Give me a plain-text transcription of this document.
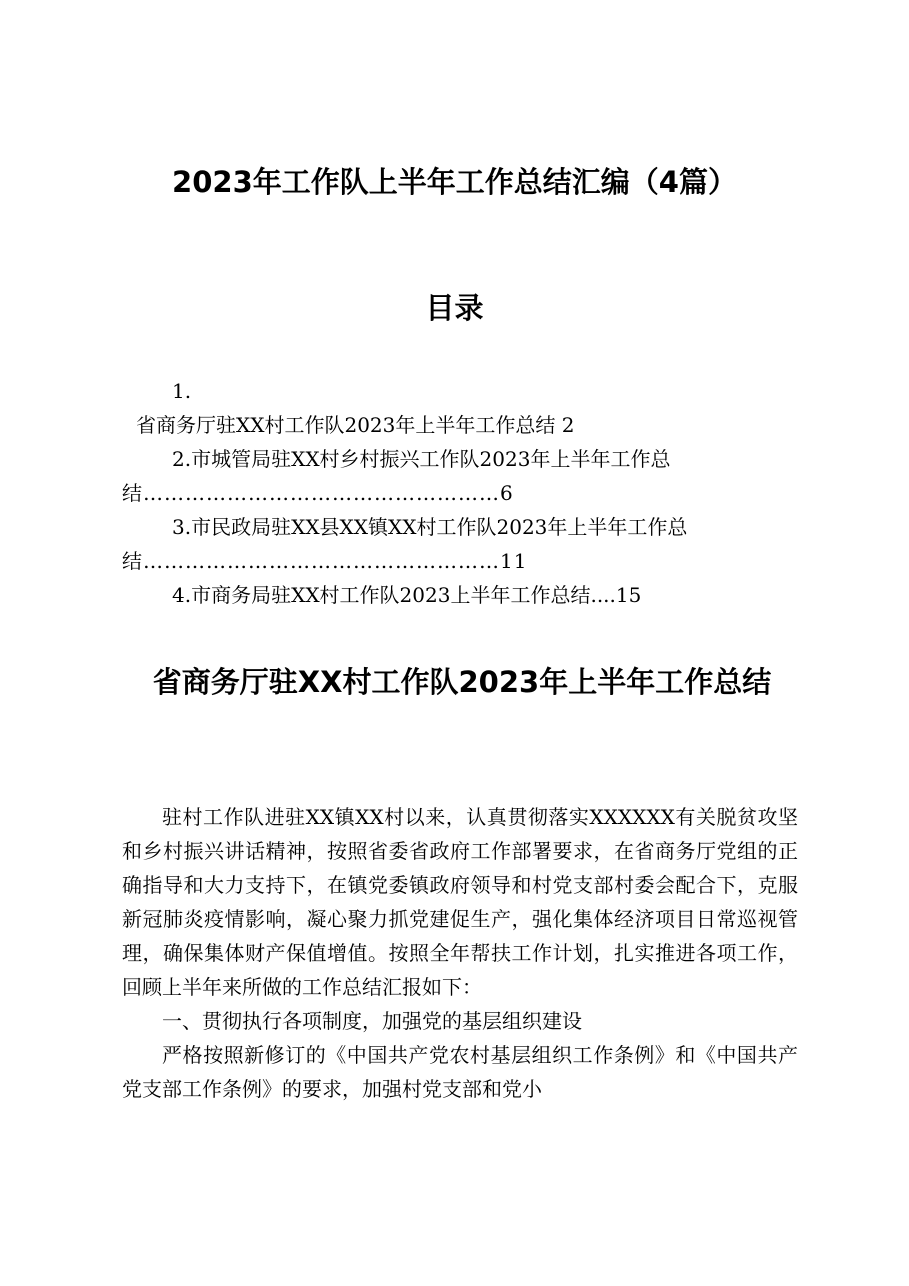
2023年工作队上半年工作总结汇编（4篇）
目录
1.
省商务厅驻XX村工作队2023年上半年工作总结 2
2.市城管局驻XX村乡村振兴工作队2023年上半年工作总
结……………………………………………6
3.市民政局驻XX县XX镇XX村工作队2023年上半年工作总
结……………………………………………11
4.市商务局驻XX村工作队2023上半年工作总结....15
省商务厅驻XX村工作队2023年上半年工作总结

驻村工作队进驻XX镇XX村以来，认真贯彻落实XXXXXX有关脱贫攻坚和乡村振兴讲话精神，按照省委省政府工作部署要求，在省商务厅党组的正确指导和大力支持下，在镇党委镇政府领导和村党支部村委会配合下，克服新冠肺炎疫情影响，凝心聚力抓党建促生产，强化集体经济项目日常巡视管理，确保集体财产保值增值。按照全年帮扶工作计划，扎实推进各项工作，回顾上半年来所做的工作总结汇报如下：

一、贯彻执行各项制度，加强党的基层组织建设

严格按照新修订的《中国共产党农村基层组织工作条例》和《中国共产党支部工作条例》的要求，加强村党支部和党小
